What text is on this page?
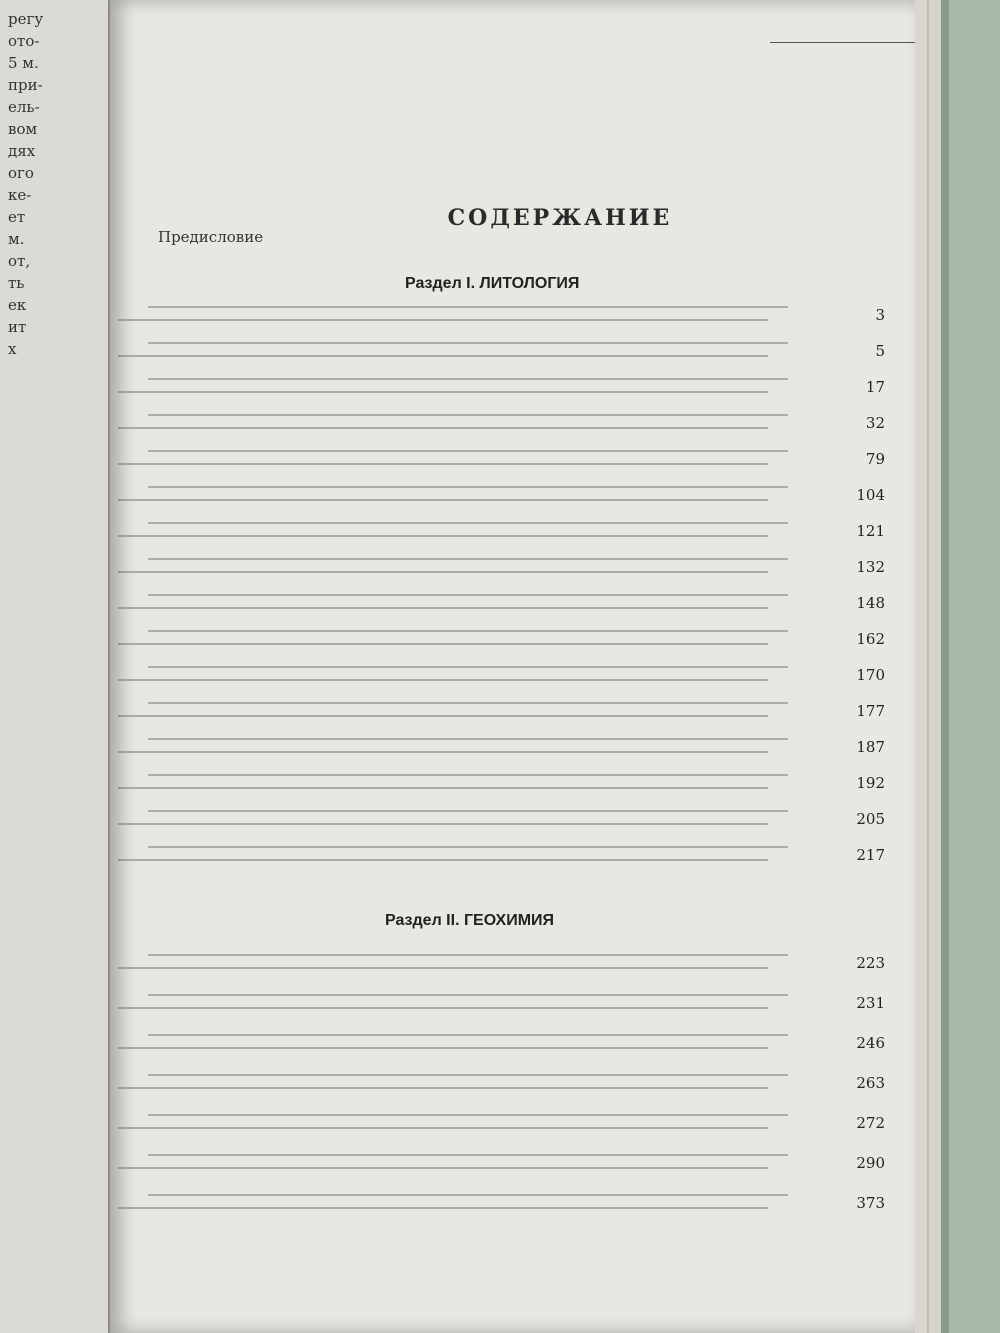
регу
ото-
5 м.
при-
ель-
вом
дях
ого
ке-
ет
м.
от,
ть
ек
ит
х
СОДЕРЖАНИЕ
Предисловие
Раздел I. ЛИТОЛОГИЯ
3
5
17
32
79
104
121
132
148
162
170
177
187
192
205
217
Раздел II. ГЕОХИМИЯ
223
231
246
263
272
290
373
